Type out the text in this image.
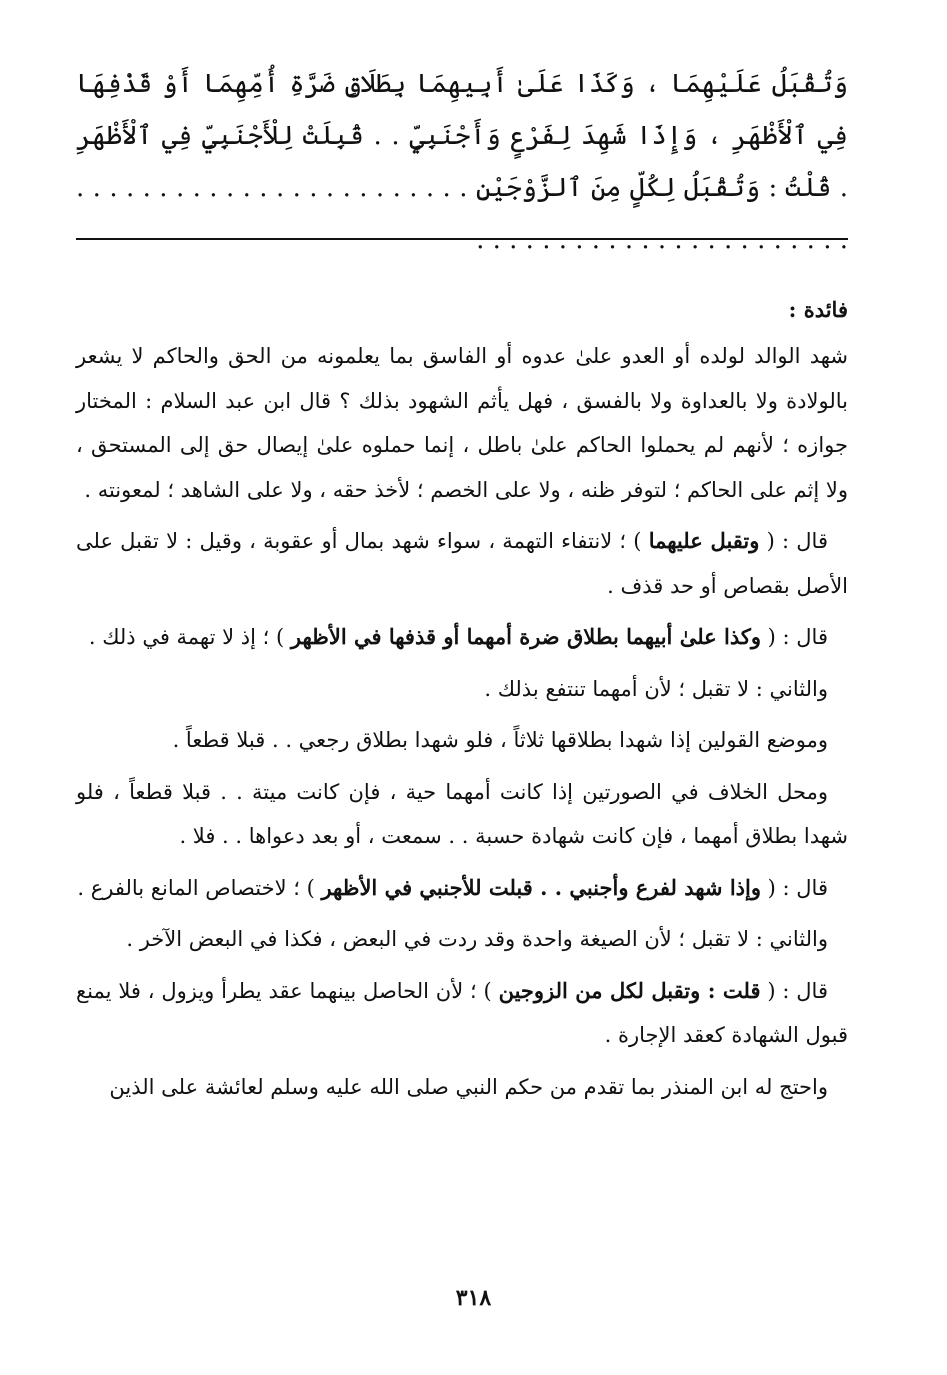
وَتُقْبَلُ عَلَيْهِمَا ، وَكَذَا عَلَىٰ أَبِيهِمَا بِطَلَاقِ ضَرَّةِ أُمِّهِمَا أَوْ قَذْفِهَا فِي ٱلْأَظْهَرِ ، وَإِذَا شَهِدَ لِفَرْعٍ وَأَجْنَبِيٍّ . . قُبِلَتْ لِلْأَجْنَبِيِّ فِي ٱلْأَظْهَرِ . قُلْتُ : وَتُقْبَلُ لِكُلٍّ مِنَ ٱلزَّوْجَيْنِ . . . . . . . . . . . . . . . . . . . . . . . . . . . . . . . . . . . . . . . . . . . . . . .

فائدة :

شهد الوالد لولده أو العدو علىٰ عدوه أو الفاسق بما يعلمونه من الحق والحاكم لا يشعر بالولادة ولا بالعداوة ولا بالفسق ، فهل يأثم الشهود بذلك ؟ قال ابن عبد السلام : المختار جوازه ؛ لأنهم لم يحملوا الحاكم علىٰ باطل ، إنما حملوه علىٰ إيصال حق إلى المستحق ، ولا إثم على الحاكم ؛ لتوفر ظنه ، ولا على الخصم ؛ لأخذ حقه ، ولا على الشاهد ؛ لمعونته .

قال : ( وتقبل عليهما ) ؛ لانتفاء التهمة ، سواء شهد بمال أو عقوبة ، وقيل : لا تقبل على الأصل بقصاص أو حد قذف .

قال : ( وكذا علىٰ أبيهما بطلاق ضرة أمهما أو قذفها في الأظهر ) ؛ إذ لا تهمة في ذلك .

والثاني : لا تقبل ؛ لأن أمهما تنتفع بذلك .

وموضع القولين إذا شهدا بطلاقها ثلاثاً ، فلو شهدا بطلاق رجعي . . قبلا قطعاً .

ومحل الخلاف في الصورتين إذا كانت أمهما حية ، فإن كانت ميتة . . قبلا قطعاً ، فلو شهدا بطلاق أمهما ، فإن كانت شهادة حسبة . . سمعت ، أو بعد دعواها . . فلا .

قال : ( وإذا شهد لفرع وأجنبي . . قبلت للأجنبي في الأظهر ) ؛ لاختصاص المانع بالفرع .

والثاني : لا تقبل ؛ لأن الصيغة واحدة وقد ردت في البعض ، فكذا في البعض الآخر .

قال : ( قلت : وتقبل لكل من الزوجين ) ؛ لأن الحاصل بينهما عقد يطرأ ويزول ، فلا يمنع قبول الشهادة كعقد الإجارة .

واحتج له ابن المنذر بما تقدم من حكم النبي صلى الله عليه وسلم لعائشة على الذين

٣١٨
